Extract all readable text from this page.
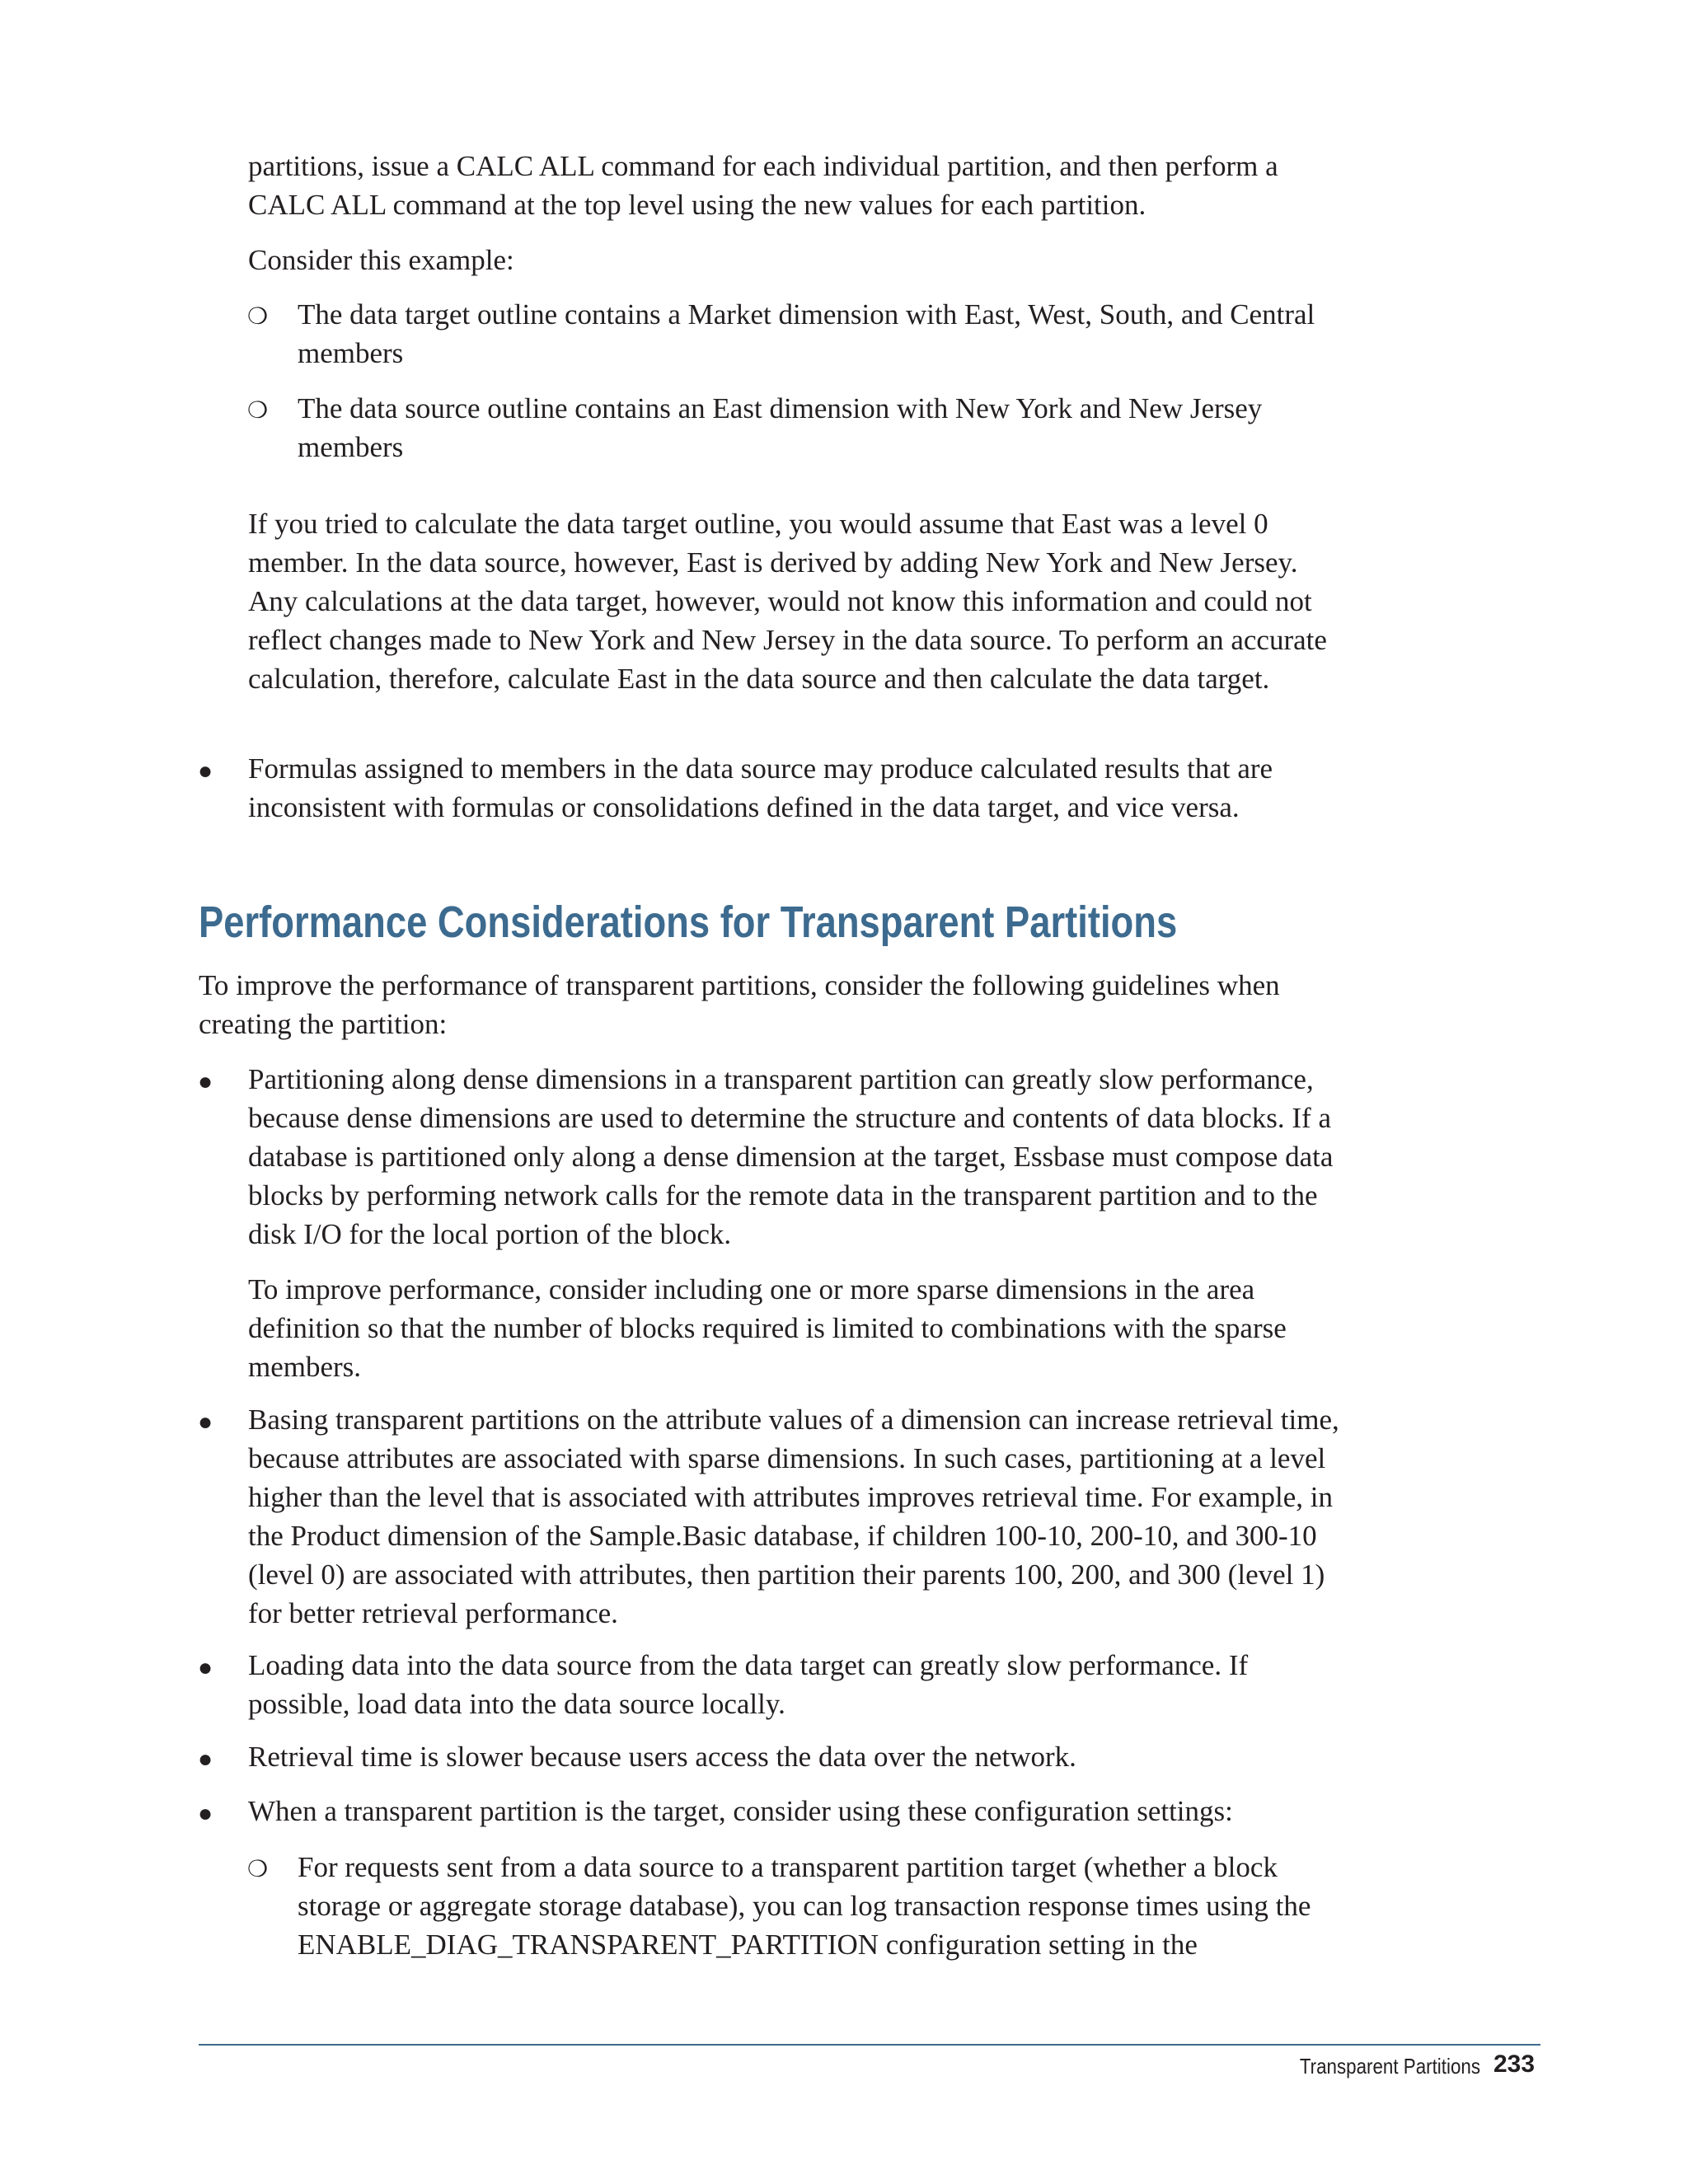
partitions, issue a CALC ALL command for each individual partition, and then perform a CALC ALL command at the top level using the new values for each partition.

Consider this example:

❍ The data target outline contains a Market dimension with East, West, South, and Central members

❍ The data source outline contains an East dimension with New York and New Jersey members

If you tried to calculate the data target outline, you would assume that East was a level 0 member. In the data source, however, East is derived by adding New York and New Jersey. Any calculations at the data target, however, would not know this information and could not reflect changes made to New York and New Jersey in the data source. To perform an accurate calculation, therefore, calculate East in the data source and then calculate the data target.

● Formulas assigned to members in the data source may produce calculated results that are inconsistent with formulas or consolidations defined in the data target, and vice versa.

Performance Considerations for Transparent Partitions

To improve the performance of transparent partitions, consider the following guidelines when creating the partition:

● Partitioning along dense dimensions in a transparent partition can greatly slow performance, because dense dimensions are used to determine the structure and contents of data blocks. If a database is partitioned only along a dense dimension at the target, Essbase must compose data blocks by performing network calls for the remote data in the transparent partition and to the disk I/O for the local portion of the block.

To improve performance, consider including one or more sparse dimensions in the area definition so that the number of blocks required is limited to combinations with the sparse members.

● Basing transparent partitions on the attribute values of a dimension can increase retrieval time, because attributes are associated with sparse dimensions. In such cases, partitioning at a level higher than the level that is associated with attributes improves retrieval time. For example, in the Product dimension of the Sample.Basic database, if children 100-10, 200-10, and 300-10 (level 0) are associated with attributes, then partition their parents 100, 200, and 300 (level 1) for better retrieval performance.

● Loading data into the data source from the data target can greatly slow performance. If possible, load data into the data source locally.

● Retrieval time is slower because users access the data over the network.

● When a transparent partition is the target, consider using these configuration settings:

❍ For requests sent from a data source to a transparent partition target (whether a block storage or aggregate storage database), you can log transaction response times using the ENABLE_DIAG_TRANSPARENT_PARTITION configuration setting in the

Transparent Partitions 233
